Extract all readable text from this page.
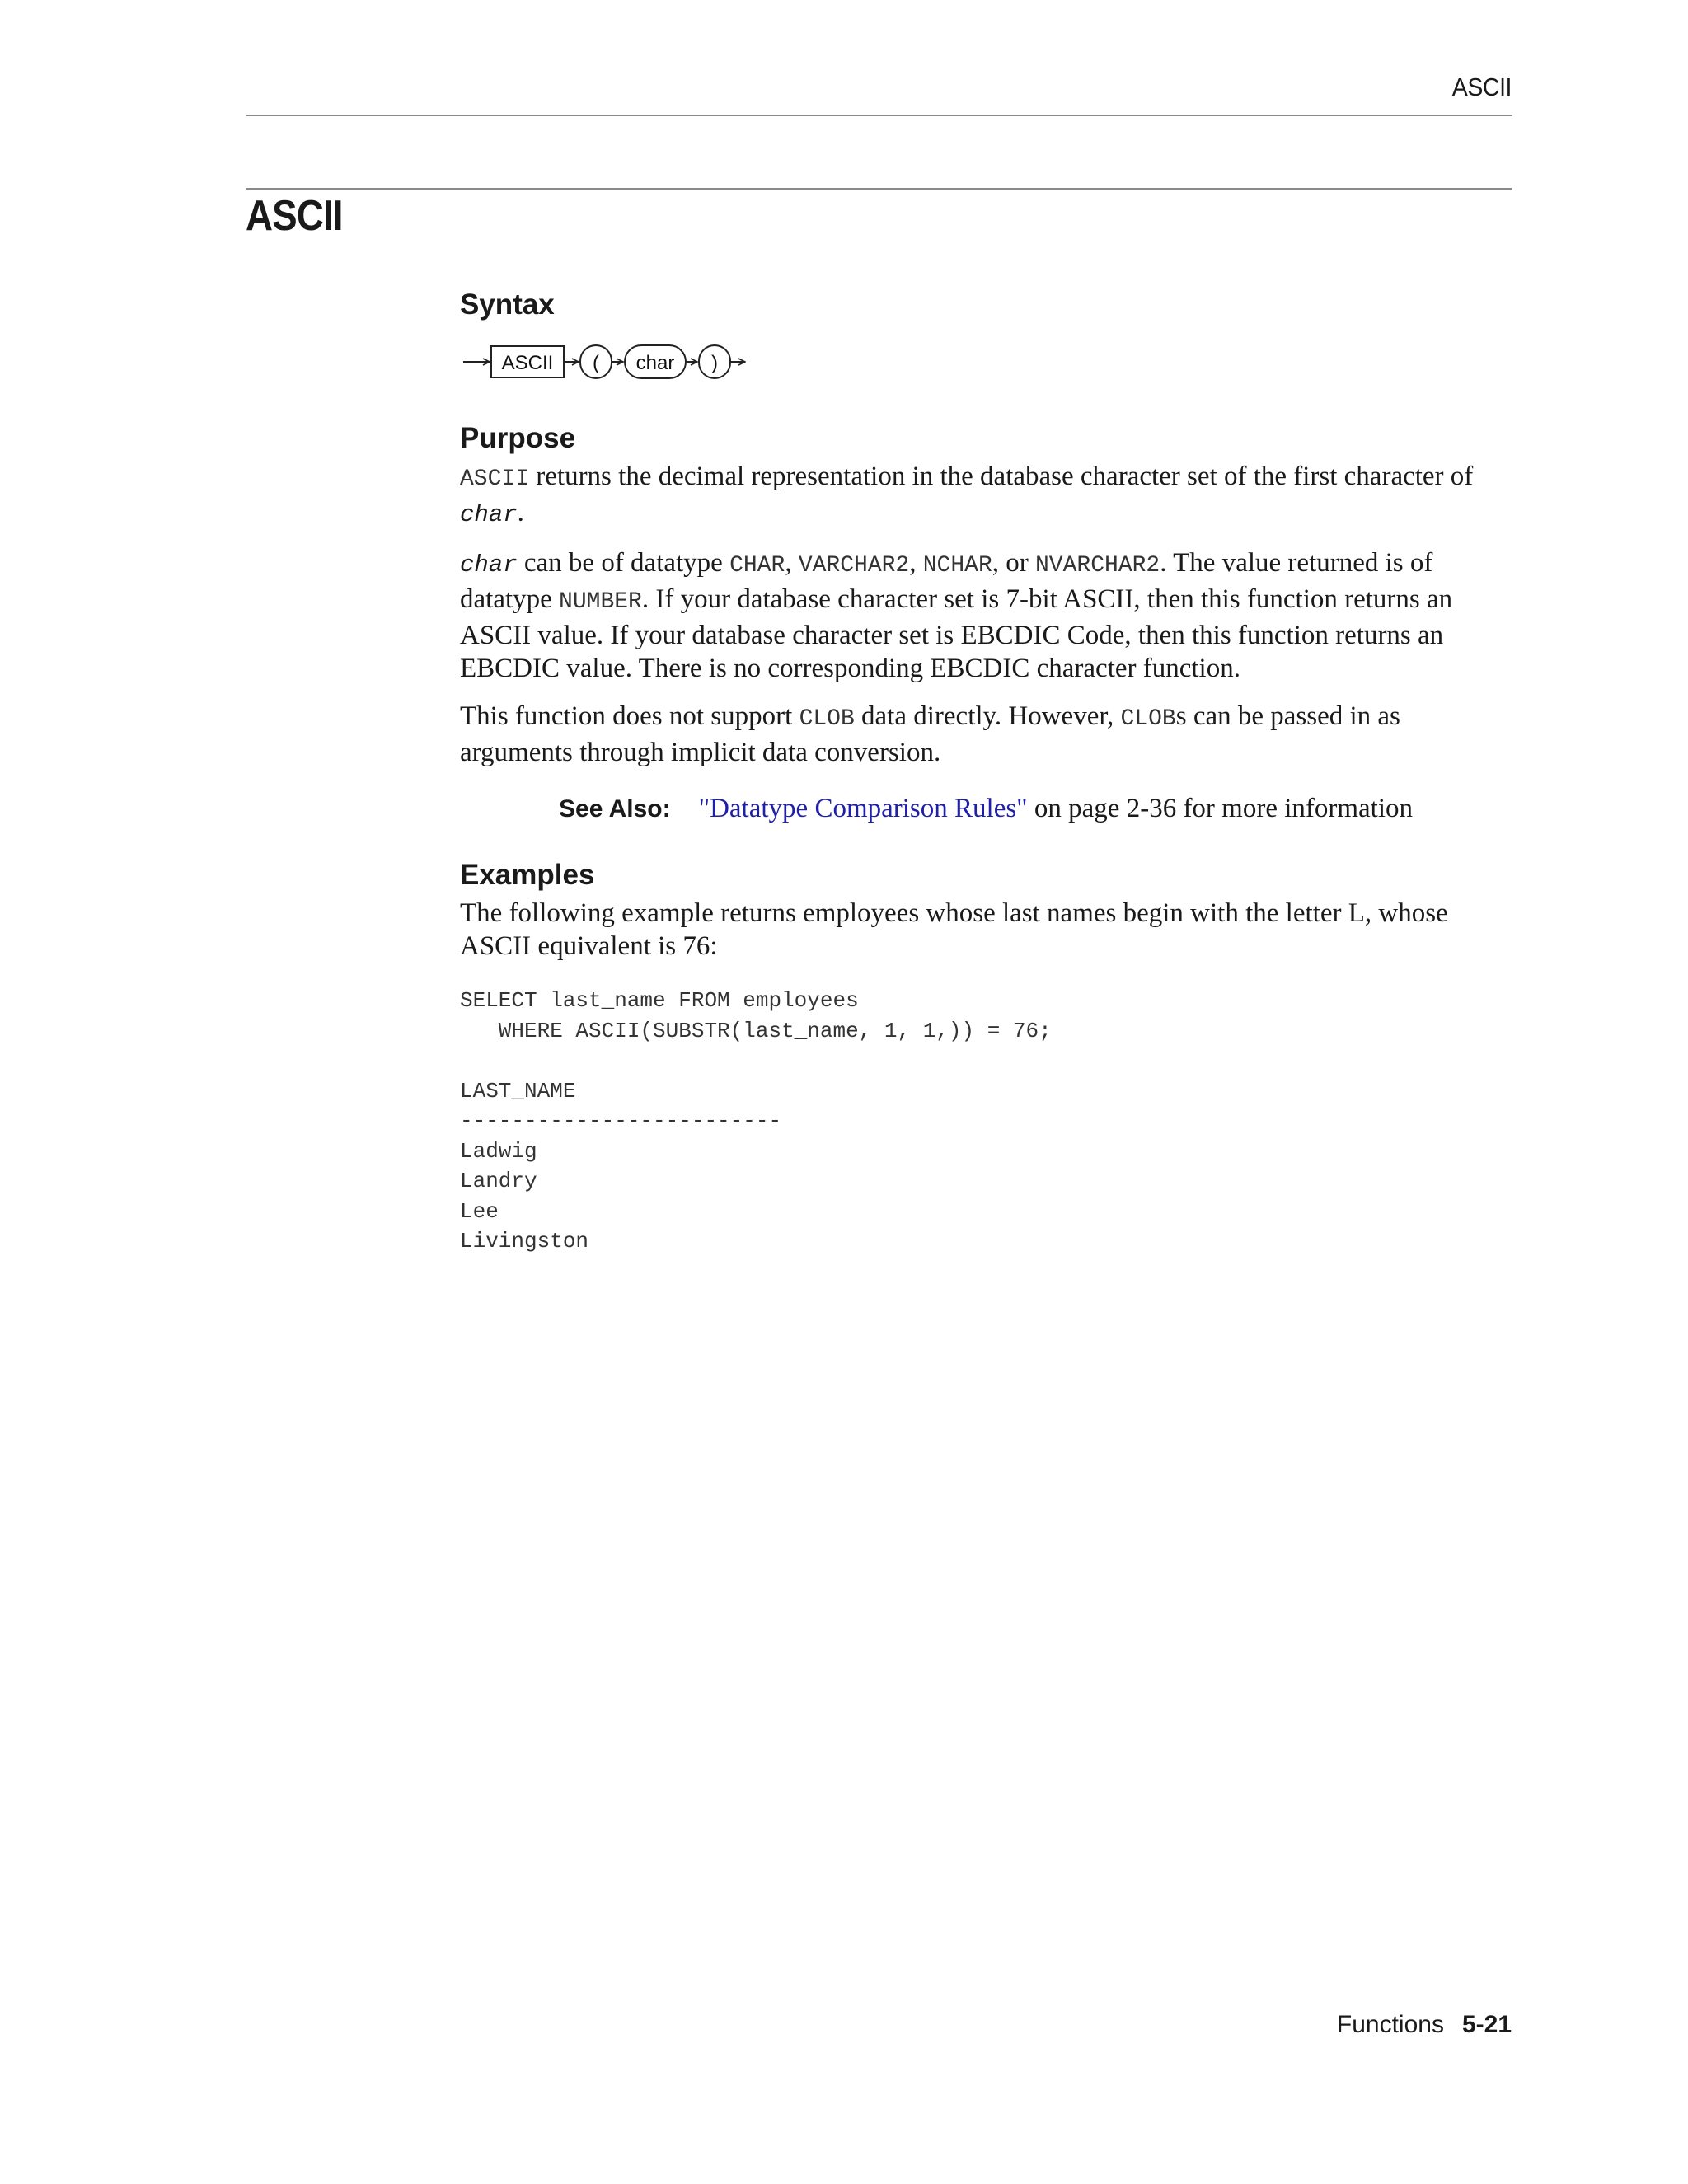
ASCII
ASCII
Syntax
ASCII ( char )
Purpose

ASCII returns the decimal representation in the database character set of the first character of char.

char can be of datatype CHAR, VARCHAR2, NCHAR, or NVARCHAR2. The value returned is of datatype NUMBER. If your database character set is 7-bit ASCII, then this function returns an ASCII value. If your database character set is EBCDIC Code, then this function returns an EBCDIC value. There is no corresponding EBCDIC character function.

This function does not support CLOB data directly. However, CLOBs can be passed in as arguments through implicit data conversion.

See Also: "Datatype Comparison Rules" on page 2-36 for more information
Examples

The following example returns employees whose last names begin with the letter L, whose ASCII equivalent is 76:

SELECT last_name FROM employees
WHERE ASCII(SUBSTR(last_name, 1, 1,)) = 76;

LAST_NAME
-------------------------
Ladwig
Landry
Lee
Livingston
Functions 5-21
